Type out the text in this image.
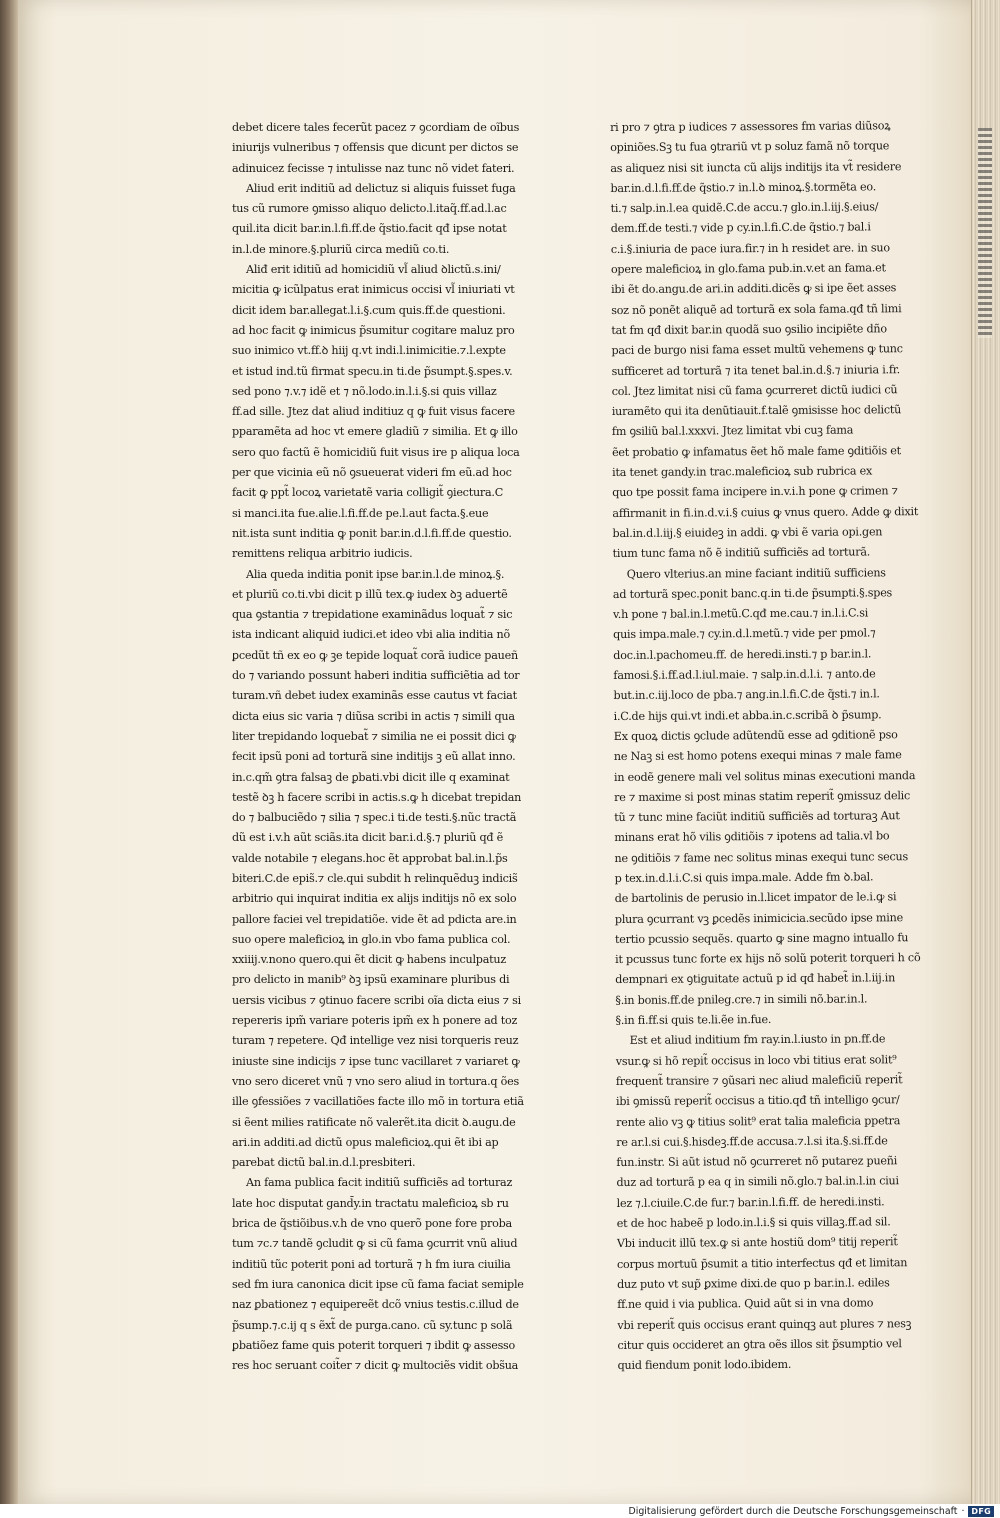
debet dicere tales fecerũt pacez ⁊ ꝯcordiam de oĩbus

iniurijs vulneribus ⁊ offensis que dicunt per dictos se

adinuicez fecisse ⁊ intulisse naz tunc nõ videt fateri.

Aliud erit inditiũ ad delictuz si aliquis fuisset fuga

tus cũ rumore ꝯmisso aliquo delicto.l.itaq̃.ff.ad.l.ac

quil.ita dicit bar.in.l.fi.ff.de q̃stio.facit qđ ipse notat

in.l.de minore.§.pluriũ circa mediũ co.ti.

Aliđ erit iditiũ ad homicidiũ vl̃ aliud ꝺlictũ.s.ini/

micitia ꝙ icũlpatus erat inimicus occisi vl̃ iniuriati vt

dicit idem bar.allegat.l.i.§.cum quis.ff.de questioni.

ad hoc facit ꝙ inimicus p̃sumitur cogitare maluz pro

suo inimico vt.ff.ꝺ hiij q.vt indi.l.inimicitie.⁊.l.expte

et istud ind.tũ firmat specu.in ti.de p̃sumpt.§.spes.v.

sed pono ⁊.v.⁊ idẽ et ⁊ nõ.lodo.in.l.i.§.si quis villaz

ff.ad sille. Jtez dat aliud inditiuz q ꝙ fuit visus facere

pparamẽta ad hoc vt emere gladiũ ⁊ similia. Et ꝙ illo

sero quo factũ ẽ homicidiũ fuit visus ire p aliqua loca

per que vicinia eũ nõ ꝯsueuerat videri fm eũ.ad hoc

facit ꝙ ppt̃ locoꝝ varietatẽ varia colligit̃ ꝯiectura.C

si manci.ita fue.alie.l.fi.ff.de pe.l.aut facta.§.eue

nit.ista sunt inditia ꝙ ponit bar.in.d.l.fi.ff.de questio.

remittens reliqua arbitrio iudicis.

Alia queda inditia ponit ipse bar.in.l.de minoꝝ.§.

et pluriũ co.ti.vbi dicit p illũ tex.ꝙ iudex ꝺꝫ aduertẽ

qua ꝯstantia ⁊ trepidatione examinãdus loquat̃ ⁊ sic

ista indicant aliquid iudici.et ideo vbi alia inditia nõ

ꝑcedũt tñ ex eo ꝙ ꝫe tepide loquat̃ corã iudice paueñ

do ⁊ variando possunt haberi inditia sufficiẽtia ad tor

turam.vñ debet iudex examinãs esse cautus vt faciat

dicta eius sic varia ⁊ diũsa scribi in actis ⁊ simili̾ qua

liter trepidando loquebat̃ ⁊ similia ne ei possit dici ꝙ

fecit ipsũ poni ad torturã sine inditijs ꝫ eũ allat inno.

in.c.qm̃ ꝯtra falsaꝫ de ꝑbati.vbi dicit ille q examinat

testẽ ꝺꝫ h facere scribi in actis.s.ꝙ h dicebat trepidan

do ⁊ balbuciẽdo ⁊ silia ⁊ spec.i ti.de testi.§.nũc tractã

dũ est i.v.h aũt sciãs.ita dicit bar.i.d.§.⁊ pluriũ qđ ẽ

valde notabile ⁊ elegans.hoc ẽt approbat bal.in.l.p̃s

biteri.C.de epis̃.⁊ cle.qui subdit h relinquẽduꝫ indicis̃

arbitrio qui inquirat inditia ex alijs inditijs nõ ex solo

pallore faciei vel trepidatiõe. vide ẽt ad pdicta are.in

suo opere maleficioꝝ in glo.in vbo fama publica col.

xxiiij.v.nono quero.qui ẽt dicit ꝙ habens inculpatuz

pro delicto in manib⁹ ꝺꝫ ipsũ examinare pluribus di

uersis vicibus ⁊ ꝯtinuo facere scribi oĩa dicta eius ⁊ si

repereris ipm̃ variare poteris ipm̃ ex h ponere ad toz

turam ⁊ repetere. Qđ intellige vez nisi torqueris reuz

iniuste sine indicijs ⁊ ipse tunc vacillaret ⁊ variaret ꝙ

vno sero diceret vnũ ⁊ vno sero aliud in tortura.q ões

ille ꝯfessiões ⁊ vacillatiões facte illo mõ in tortura etiã

si ẽent milies ratificate nõ valerẽt.ita dicit ꝺ.augu.de

ari.in additi.ad dictũ opus maleficioꝝ.qui ẽt ibi ap

parebat dictũ bal.in.d.l.presbiteri.

An fama publica facit inditiũ sufficiẽs ad torturaz

late hoc disputat gand̄y.in tractatu maleficioꝝ sb ru

brica de q̃stiõibus.v.h de vno querõ pone fore proba

tum ⁊c.⁊ tandẽ ꝯcludit ꝙ si cũ fama ꝯcurrit vnũ aliud

inditiũ tũc poterit poni ad torturã ⁊ h fm iura ciuilia

sed fm iura canonica dicit ipse cũ fama faciat semiple

naz ꝑbationez ⁊ equipereẽt dcõ vnius testis.c.illud de

p̃sump.⁊.c.ij q s ẽxt̃ de purga.cano. cũ sy.tunc p solã

ꝑbatiõez fame quis poterit torqueri ⁊ ibdit ꝙ assesso

res hoc seruant coit̃er ⁊ dicit ꝙ multociẽs vidit obs̃ua

ri pro ⁊ ꝯtra p iudices ⁊ assessores fm varias diũsoꝝ

opiniões.Sꝫ tu fua ꝯtrariũ vt p soluz famã nõ torque

as aliquez nisi sit iuncta cũ alijs inditijs ita vt̃ residere

bar.in.d.l.fi.ff.de q̃stio.⁊ in.l.ꝺ minoꝝ.§.tormẽta eo.

ti.⁊ salp.in.l.ea quidẽ.C.de accu.⁊ glo.in.l.iij.§.eius/

dem.ff.de testi.⁊ vide p cy.in.l.fi.C.de q̃stio.⁊ bal.i

c.i.§.iniuria de pace iura.fir.⁊ in h residet are. in suo

opere maleficioꝝ in glo.fama pub.in.v.et an fama.et

ibi ẽt do.angu.de ari.in additi.dicẽs ꝙ si ipe ẽet asses

soz nõ ponẽt aliquẽ ad torturã ex sola fama.qđ tñ limi

tat fm qđ dixit bar.in quodã suo ꝯsilio incipiẽte dño

paci de burgo nisi fama esset multũ vehemens ꝙ tunc

sufficeret ad torturã ⁊ ita tenet bal.in.d.§.⁊ iniuria i.fr.

col. Jtez limitat nisi cũ fama ꝯcurreret dictũ iudici cũ

iuramẽto qui ita denũtiauit.f.talẽ ꝯmisisse hoc delictũ

fm ꝯsiliũ bal.l.xxxvi. Jtez limitat vbi cuꝫ fama

ẽet probatio ꝙ infamatus ẽet hõ male fame ꝯditiõis et

ita tenet gandy.in trac.maleficioꝝ sub rubrica ex

quo tpe possit fama incipere in.v.i.h pone ꝙ crimen ⁊

affirmanit in fi.in.d.v.i.§ cuius ꝙ vnus quero. Adde ꝙ dixit

bal.in.d.l.iij.§ eiuideꝫ in addi. ꝙ vbi ẽ varia opi.gen

tium tunc fama nõ ẽ inditiũ sufficiẽs ad torturã.

Quero vlterius.an mine faciant inditiũ sufficiens

ad torturã spec.ponit banc.q.in ti.de p̃sumpti.§.spes

v.h pone ⁊ bal.in.l.metũ.C.qđ me.cau.⁊ in.l.i.C.si

quis impa.male.⁊ cy.in.d.l.metũ.⁊ vide per pmol.⁊

doc.in.l.pachomeu.ff. de heredi.insti.⁊ p bar.in.l.

famosi.§.i.ff.ad.l.iul.maie. ⁊ salp.in.d.l.i. ⁊ anto.de

but.in.c.iij.loco de pba.⁊ ang.in.l.fi.C.de q̃sti.⁊ in.l.

i.C.de hijs qui.vt indi.et abba.in.c.scribã ꝺ p̃sump.

Ex quoꝝ dictis ꝯclude adũtendũ esse ad ꝯditionẽ pso

ne Naꝫ si est homo potens exequi minas ⁊ male fame

in eodẽ genere mali vel solitus minas executioni manda

re ⁊ maxime si post minas statim reperit̃ ꝯmissuz delic

tũ ⁊ tunc mine faciũt inditiũ sufficiẽs ad torturaꝫ Aut

minans erat hõ vilis ꝯditiõis ⁊ ipotens ad talia.vl bo

ne ꝯditiõis ⁊ fame nec solitus minas exequi tunc secus

p tex.in.d.l.i.C.si quis impa.male. Adde fm ꝺ.bal.

de bartolinis de perusio in.l.licet impator de le.i.ꝙ si

plura ꝯcurrant vꝫ ꝑcedẽs inimicicia.secũdo ipse mine

tertio pcussio sequẽs. quarto ꝙ sine magno intuallo fu

it pcussus tunc forte ex hijs nõ solũ poterit torqueri h cõ

dempnari ex ꝯtiguitate actuũ p id qđ habet̃ in.l.iij.in

§.in bonis.ff.de pnileg.cre.⁊ in simili nõ.bar.in.l.

§.in fi.ff.si quis te.li.ẽe in.fue.

Est et aliud inditium fm ray.in.l.iusto in pn.ff.de

vsur.ꝙ si hõ repit̃ occisus in loco vbi titius erat solit⁹

frequent̃ transire ⁊ ꝯũsari nec aliud maleficiũ reperit̃

ibi ꝯmissũ reperit̃ occisus a titio.qđ tñ intelligo ꝯcur/

rente alio vꝫ ꝙ titius solit⁹ erat talia maleficia ppetra

re ar.l.si cui.§.hisdeꝫ.ff.de accusa.⁊.l.si ita.§.si.ff.de

fun.instr. Si aũt istud nõ ꝯcurreret nõ putarez pueñi

duz ad torturã p ea q in simili nõ.glo.⁊ bal.in.l.in ciui

lez ⁊.l.ciuile.C.de fur.⁊ bar.in.l.fi.ff. de heredi.insti.

et de hoc habeẽ p lodo.in.l.i.§ si quis villaꝫ.ff.ad sil.

Vbi inducit illũ tex.ꝙ si ante hostiũ dom⁹ titij reperit̃

corpus mortuũ p̃sumit a titio interfectus qđ et limitan

duz puto vt sup̃ ꝑxime dixi.de quo p bar.in.l. ediles

ff.ne quid i via publica. Quid aũt si in vna domo

vbi reperit̃ quis occisus erant quinqꝫ aut plures ⁊ nesꝫ

citur quis occideret an ꝯtra oẽs illos sit p̃sumptio vel

quid fiendum ponit lodo.ibidem.

Digitalisierung gefördert durch die Deutsche Forschungsgemeinschaft · DFG
